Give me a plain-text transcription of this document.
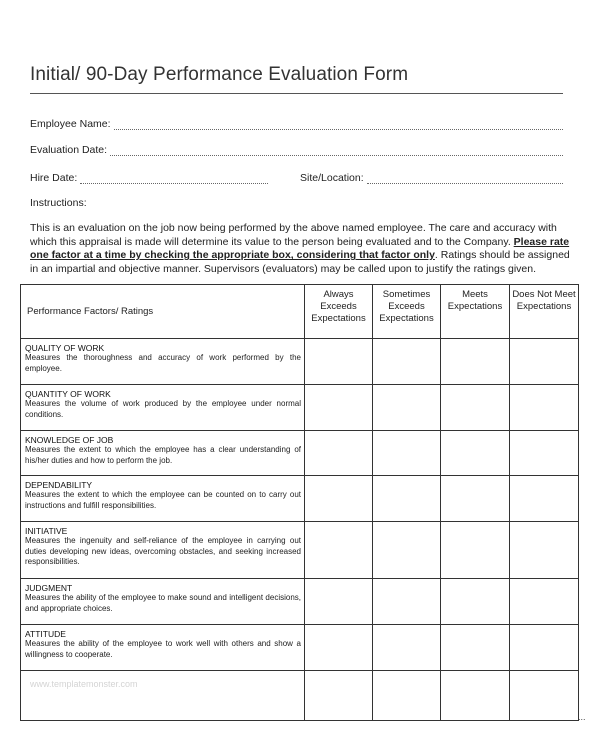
Initial/ 90-Day Performance Evaluation Form
Employee Name:
Evaluation Date:
Hire Date:	Site/Location:
Instructions:
This is an evaluation on the job now being performed by the above named employee. The care and accuracy with which this appraisal is made will determine its value to the person being evaluated and to the Company. Please rate one factor at a time by checking the appropriate box, considering that factor only. Ratings should be assigned in an impartial and objective manner. Supervisors (evaluators) may be called upon to justify the ratings given.
Performance Factors/ Ratings	Always Exceeds Expectations	Sometimes Exceeds Expectations	Meets Expectations	Does Not Meet Expectations

QUALITY OF WORK
Measures the thoroughness and accuracy of work performed by the employee.				

QUANTITY OF WORK
Measures the volume of work produced by the employee under normal conditions.				

KNOWLEDGE OF JOB
Measures the extent to which the employee has a clear understanding of his/her duties and how to perform the job.				

DEPENDABILITY
Measures the extent to which the employee can be counted on to carry out instructions and fulfill responsibilities.				

INITIATIVE
Measures the ingenuity and self-reliance of the employee in carrying out duties developing new ideas, overcoming obstacles, and seeking increased responsibilities.				

JUDGMENT
Measures the ability of the employee to make sound and intelligent decisions, and appropriate choices.				

ATTITUDE
Measures the ability of the employee to work well with others and show a willingness to cooperate.				

www.templatemonster.com
...
